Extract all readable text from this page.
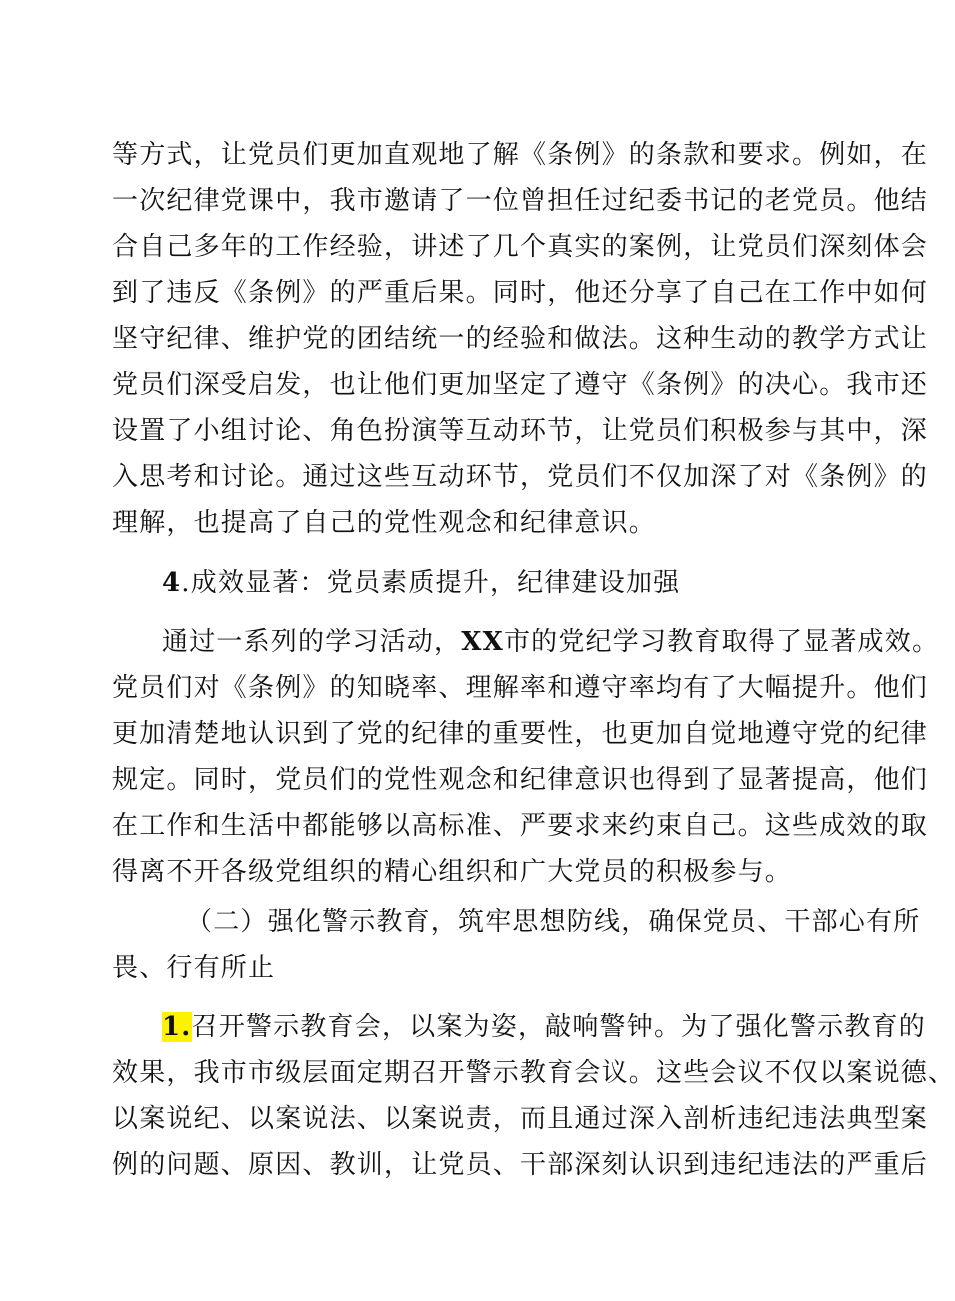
等方式，让党员们更加直观地了解《条例》的条款和要求。例如，在
一次纪律党课中，我市邀请了一位曾担任过纪委书记的老党员。他结
合自己多年的工作经验，讲述了几个真实的案例，让党员们深刻体会
到了违反《条例》的严重后果。同时，他还分享了自己在工作中如何
坚守纪律、维护党的团结统一的经验和做法。这种生动的教学方式让
党员们深受启发，也让他们更加坚定了遵守《条例》的决心。我市还
设置了小组讨论、角色扮演等互动环节，让党员们积极参与其中，深
入思考和讨论。通过这些互动环节，党员们不仅加深了对《条例》的
理解，也提高了自己的党性观念和纪律意识。
4.成效显著：党员素质提升，纪律建设加强
通过一系列的学习活动，XX市的党纪学习教育取得了显著成效。
党员们对《条例》的知晓率、理解率和遵守率均有了大幅提升。他们
更加清楚地认识到了党的纪律的重要性，也更加自觉地遵守党的纪律
规定。同时，党员们的党性观念和纪律意识也得到了显著提高，他们
在工作和生活中都能够以高标准、严要求来约束自己。这些成效的取
得离不开各级党组织的精心组织和广大党员的积极参与。
（二）强化警示教育，筑牢思想防线，确保党员、干部心有所
畏、行有所止
1.召开警示教育会，以案为姿，敲响警钟。为了强化警示教育的
效果，我市市级层面定期召开警示教育会议。这些会议不仅以案说德、
以案说纪、以案说法、以案说责，而且通过深入剖析违纪违法典型案
例的问题、原因、教训，让党员、干部深刻认识到违纪违法的严重后
